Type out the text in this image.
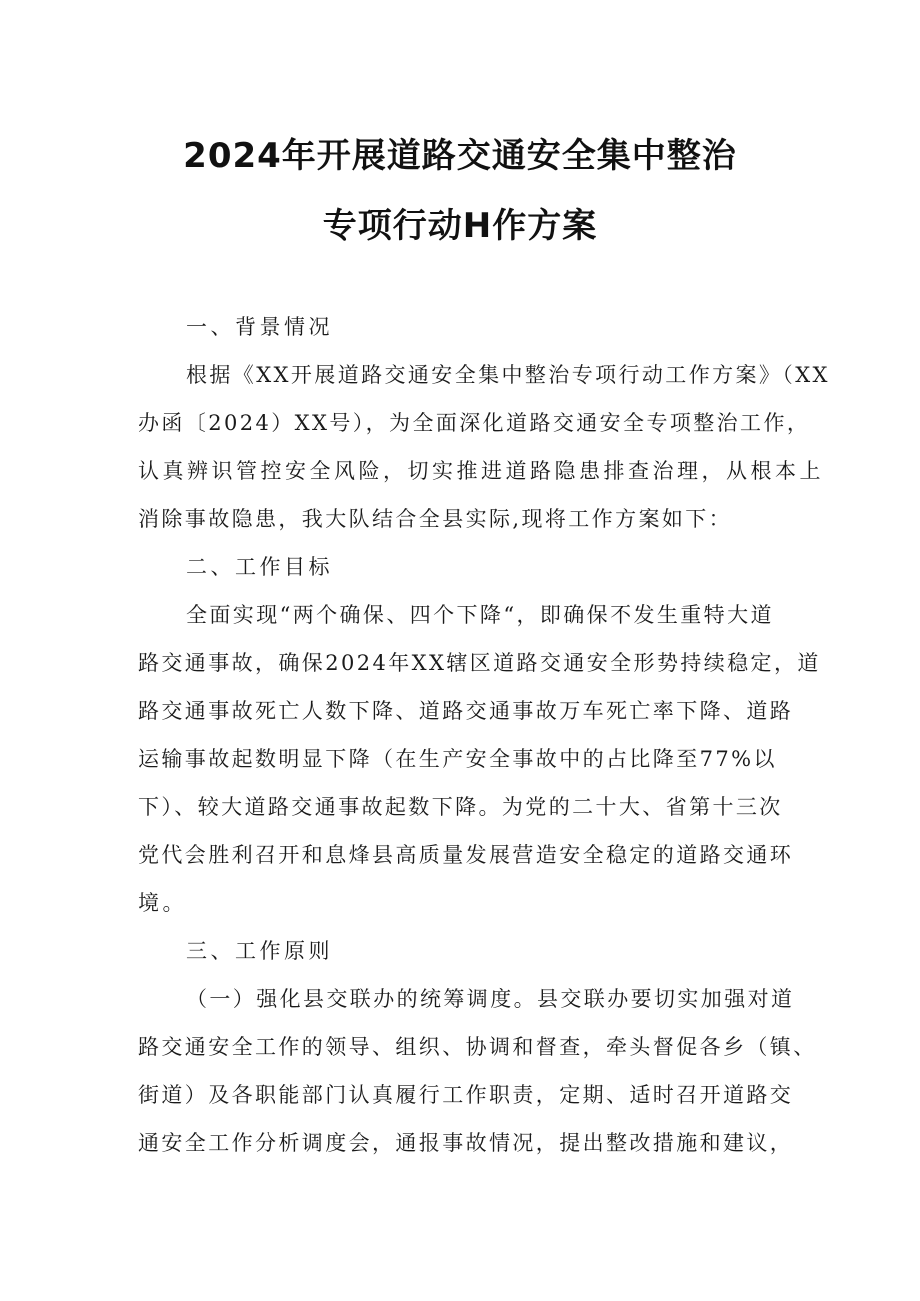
2024年开展道路交通安全集中整治
专项行动H作方案
一、背景情况
根据《XX开展道路交通安全集中整治专项行动工作方案》（XX
办函〔2024）XX号），为全面深化道路交通安全专项整治工作，
认真辨识管控安全风险，切实推进道路隐患排查治理，从根本上
消除事故隐患，我大队结合全县实际,现将工作方案如下：
二、工作目标
全面实现“两个确保、四个下降“，即确保不发生重特大道
路交通事故，确保2024年XX辖区道路交通安全形势持续稳定，道
路交通事故死亡人数下降、道路交通事故万车死亡率下降、道路
运输事故起数明显下降（在生产安全事故中的占比降至77%以
下）、较大道路交通事故起数下降。为党的二十大、省第十三次
党代会胜利召开和息烽县高质量发展营造安全稳定的道路交通环
境。
三、工作原则
（一）强化县交联办的统筹调度。县交联办要切实加强对道
路交通安全工作的领导、组织、协调和督查，牵头督促各乡（镇、
街道）及各职能部门认真履行工作职责，定期、适时召开道路交
通安全工作分析调度会，通报事故情况，提出整改措施和建议，
